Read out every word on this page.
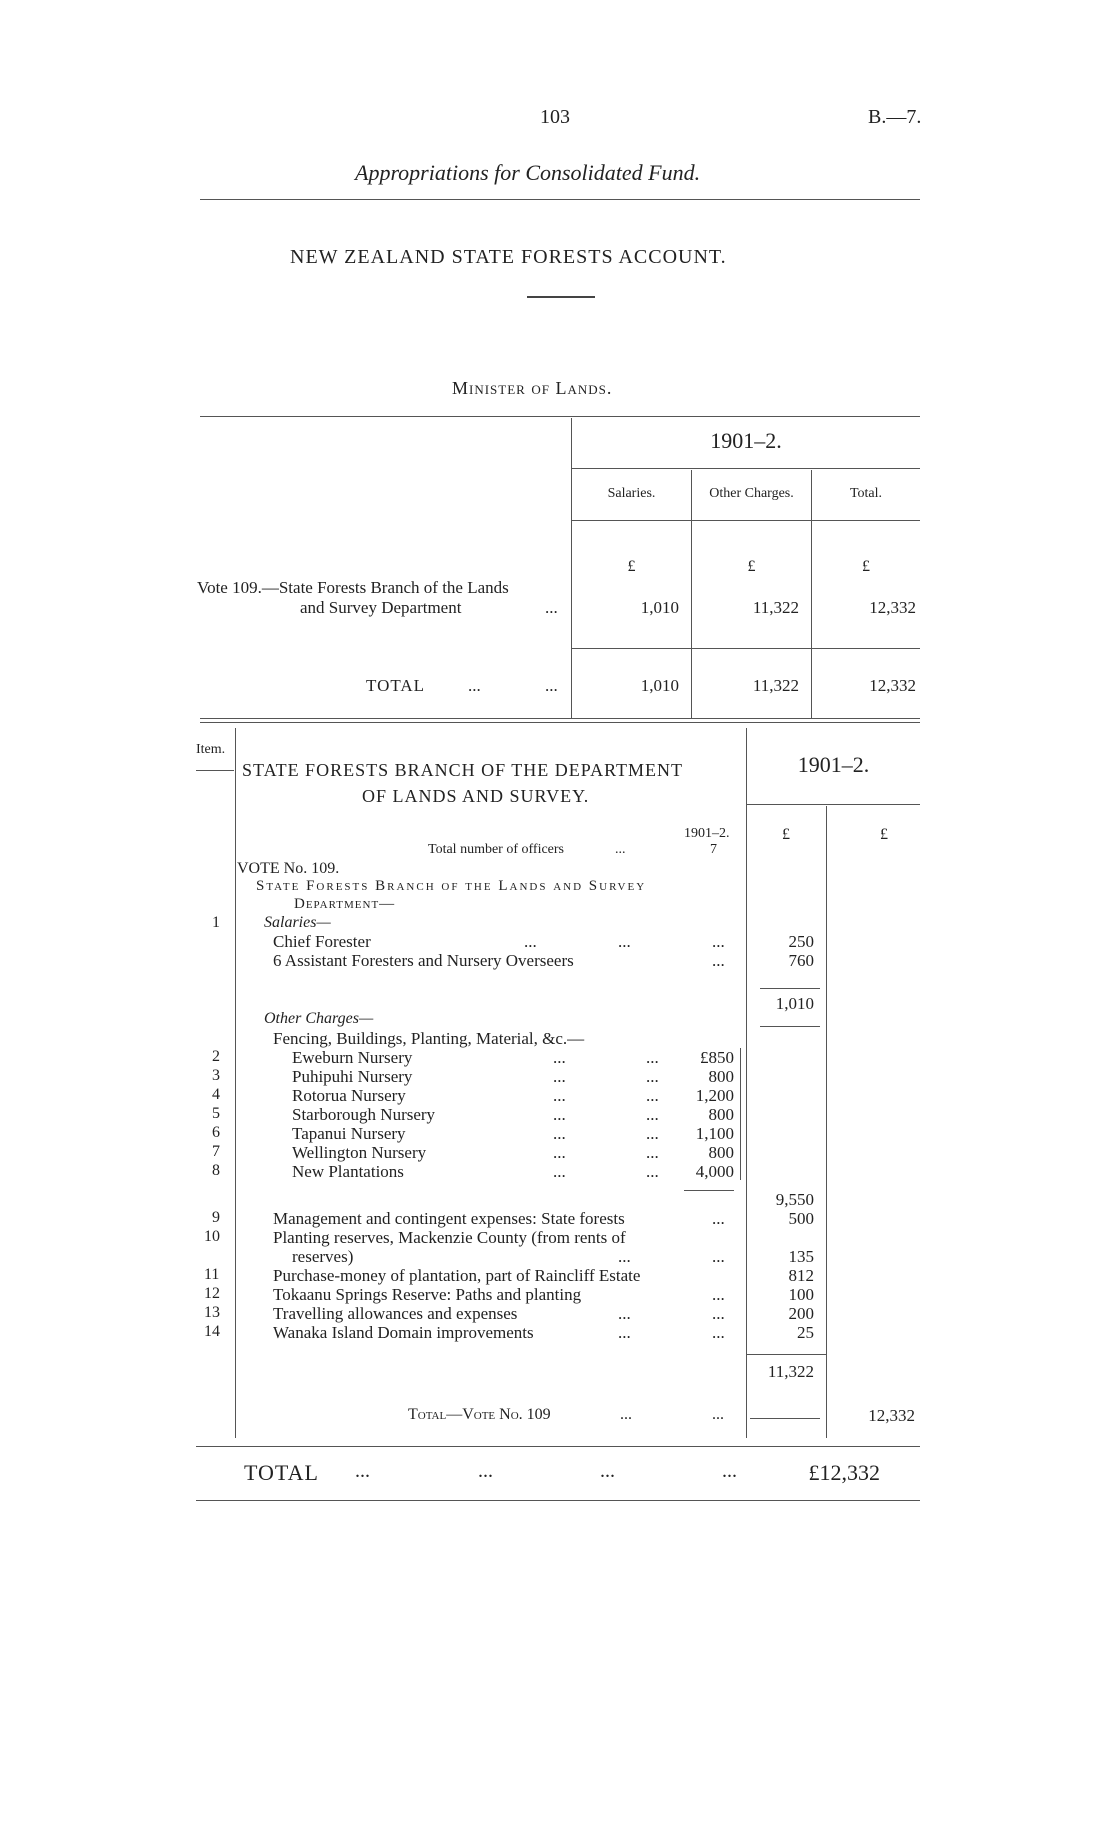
103	B.—7.
Appropriations for Consolidated Fund.
NEW ZEALAND STATE FORESTS ACCOUNT.
Minister of Lands.
1901–2.
Salaries.	Other Charges.	Total.
£	£	£
Vote 109.—State Forests Branch of the Lands
and Survey Department	...	1,010	11,322	12,332
TOTAL	...	...	1,010	11,322	12,332
Item.
STATE FORESTS BRANCH OF THE DEPARTMENT
OF LANDS AND SURVEY.
1901–2.
£	£
Total number of officers	...
1901–2.
7
VOTE No. 109.
State Forests Branch of the Lands and Survey
Department—
Salaries—
1
Chief Forester	...	...	...	250
6 Assistant Foresters and Nursery Overseers	...	760
1,010
Other Charges—
Fencing, Buildings, Planting, Material, &c.—
2	Eweburn Nursery	...	...	£850
3	Puhipuhi Nursery	...	...	800
4	Rotorua Nursery	...	...	1,200
5	Starborough Nursery	...	...	800
6	Tapanui Nursery	...	...	1,100
7	Wellington Nursery	...	...	800
8	New Plantations	...	...	4,000
9,550
9	Management and contingent expenses: State forests	...	500
10	Planting reserves, Mackenzie County (from rents of
reserves)	...	...	135
11	Purchase-money of plantation, part of Raincliff Estate	812
12	Tokaanu Springs Reserve: Paths and planting	...	100
13	Travelling allowances and expenses	...	...	200
14	Wanaka Island Domain improvements	...	...	25
11,322
Total—Vote No. 109	...	...	12,332
TOTAL ...	...	...	...	£12,332
